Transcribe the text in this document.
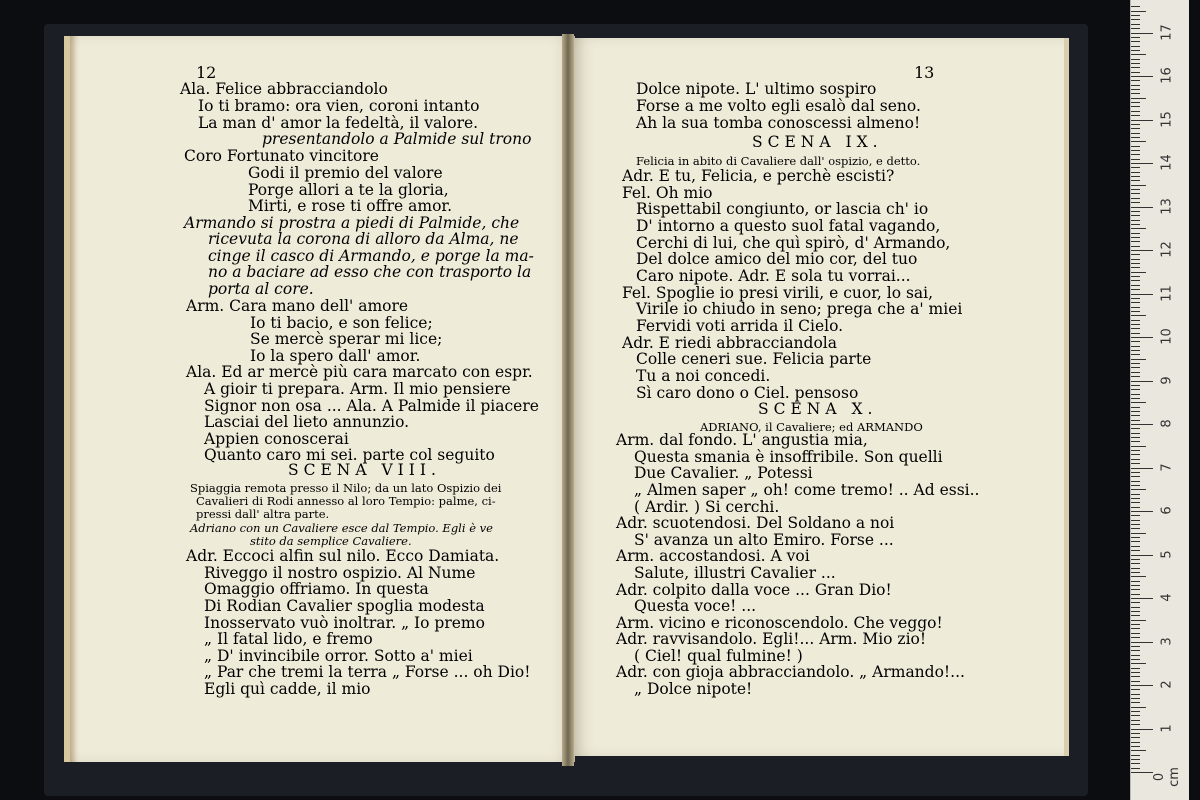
12	13
Ala. Felice abbracciandolo
Io ti bramo: ora vien, coroni intanto
La man d' amor la fedeltà, il valore.
presentandolo a Palmide sul trono
Coro Fortunato vincitore
Godi il premio del valore
Porge allori a te la gloria,
Mirti, e rose ti offre amor.
Armando si prostra a piedi di Palmide, che
ricevuta la corona di alloro da Alma, ne
cinge il casco di Armando, e porge la ma-
no a baciare ad esso che con trasporto la
porta al core.
Arm. Cara mano dell' amore
Io ti bacio, e son felice;
Se mercè sperar mi lice;
Io la spero dall' amor.
Ala. Ed ar mercè più cara marcato con espr.
A gioir ti prepara. Arm. Il mio pensiere
Signor non osa ... Ala. A Palmide il piacere
Lasciai del lieto annunzio.
Appien conoscerai
Quanto caro mi sei. parte col seguito
SCENA VIII.
Spiaggia remota presso il Nilo; da un lato Ospizio dei
Cavalieri di Rodi annesso al loro Tempio: palme, ci-
pressi dall' altra parte.
Adriano con un Cavaliere esce dal Tempio. Egli è ve
stito da semplice Cavaliere.
Adr. Eccoci alfin sul nilo. Ecco Damiata.
Riveggo il nostro ospizio. Al Nume
Omaggio offriamo. In questa
Di Rodian Cavalier spoglia modesta
Inosservato vuò inoltrar. „ Io premo
„ Il fatal lido, e fremo
„ D' invincibile orror. Sotto a' miei
„ Par che tremi la terra „ Forse ... oh Dio!
Egli quì cadde, il mio
Dolce nipote. L' ultimo sospiro
Forse a me volto egli esalò dal seno.
Ah la sua tomba conoscessi almeno!
SCENA IX.
Felicia in abito di Cavaliere dall' ospizio, e detto.
Adr. E tu, Felicia, e perchè escisti?
Fel. Oh mio
Rispettabil congiunto, or lascia ch' io
D' intorno a questo suol fatal vagando,
Cerchi di lui, che quì spirò, d' Armando,
Del dolce amico del mio cor, del tuo
Caro nipote. Adr. E sola tu vorrai...
Fel. Spoglie io presi virili, e cuor, lo sai,
Virile io chiudo in seno; prega che a' miei
Fervidi voti arrida il Cielo.
Adr. E riedi abbracciandola
Colle ceneri sue. Felicia parte
Tu a noi concedi.
Sì caro dono o Ciel. pensoso
SCENA X.
ADRIANO, il Cavaliere; ed ARMANDO
Arm. dal fondo. L' angustia mia,
Questa smania è insoffribile. Son quelli
Due Cavalier. „ Potessi
„ Almen saper „ oh! come tremo! .. Ad essi..
( Ardir. ) Si cerchi.
Adr. scuotendosi. Del Soldano a noi
S' avanza un alto Emiro. Forse ...
Arm. accostandosi. A voi
Salute, illustri Cavalier ...
Adr. colpito dalla voce ... Gran Dio!
Questa voce! ...
Arm. vicino e riconoscendolo. Che veggo!
Adr. ravvisandolo. Egli!... Arm. Mio zio!
( Ciel! qual fulmine! )
Adr. con gioja abbracciandolo. „ Armando!...
„ Dolce nipote!
0 cm
1
2
3
4
5
6
7
8
9
10
11
12
13
14
15
16
17
